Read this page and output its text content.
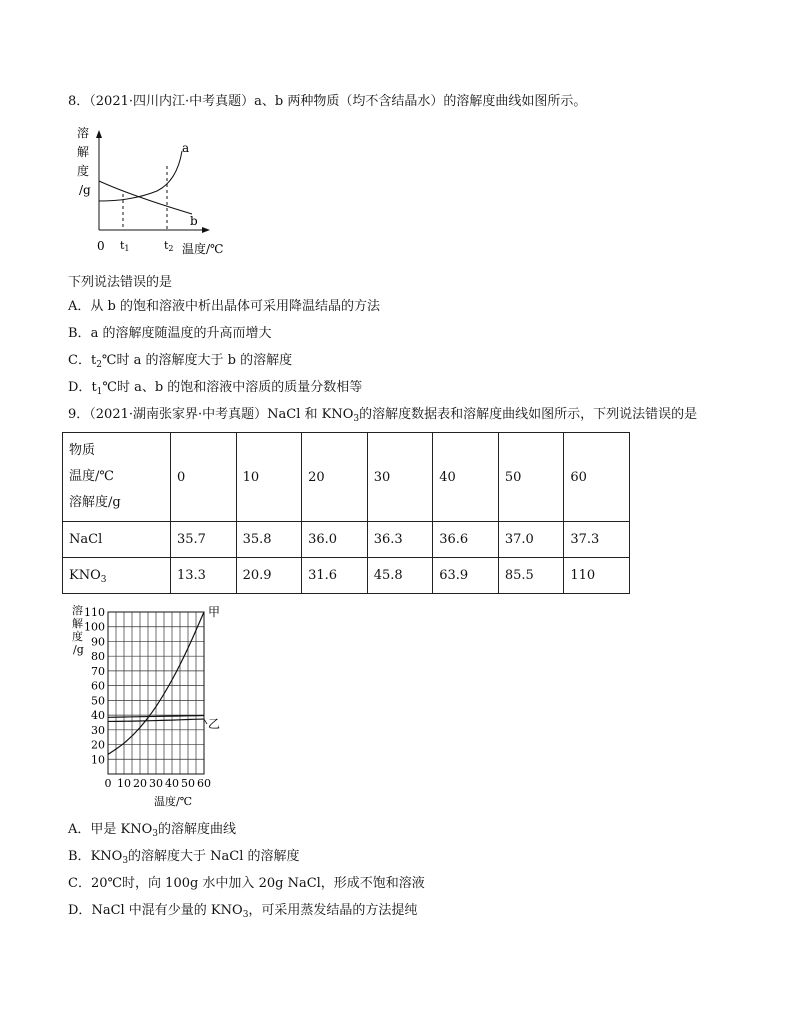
8．（2021·四川内江·中考真题）a、b 两种物质（均不含结晶水）的溶解度曲线如图所示。
溶
解
度
/g
a
b
0 t1	t2 温度/℃
下列说法错误的是
A．从 b 的饱和溶液中析出晶体可采用降温结晶的方法
B．a 的溶解度随温度的升高而增大
C．$t_2℃$时 a 的溶解度大于 b 的溶解度
D．$t_1℃$时 a、b 的饱和溶液中溶质的质量分数相等
9．（2021·湖南张家界·中考真题）NaCl 和 $KNO_3$的溶解度数据表和溶解度曲线如图所示，下列说法错误的是
物质
温度/℃
溶解度/g	0	10	20	30	40	50	60
NaCl	35.7	35.8	36.0	36.3	36.6	37.0	37.3
$KNO_3$	13.3	20.9	31.6	45.8	63.9	85.5	110
溶
解
度
/g
10
20
30
40
50
60
70
80
90
100
110
0 10 20 30 40 50 60
甲
乙
温度/℃
A．甲是 $KNO_3$的溶解度曲线
B．$KNO_3$的溶解度大于 NaCl 的溶解度
C．20℃时，向 100g 水中加入 20g NaCl，形成不饱和溶液
D．NaCl 中混有少量的 $KNO_3$，可采用蒸发结晶的方法提纯
